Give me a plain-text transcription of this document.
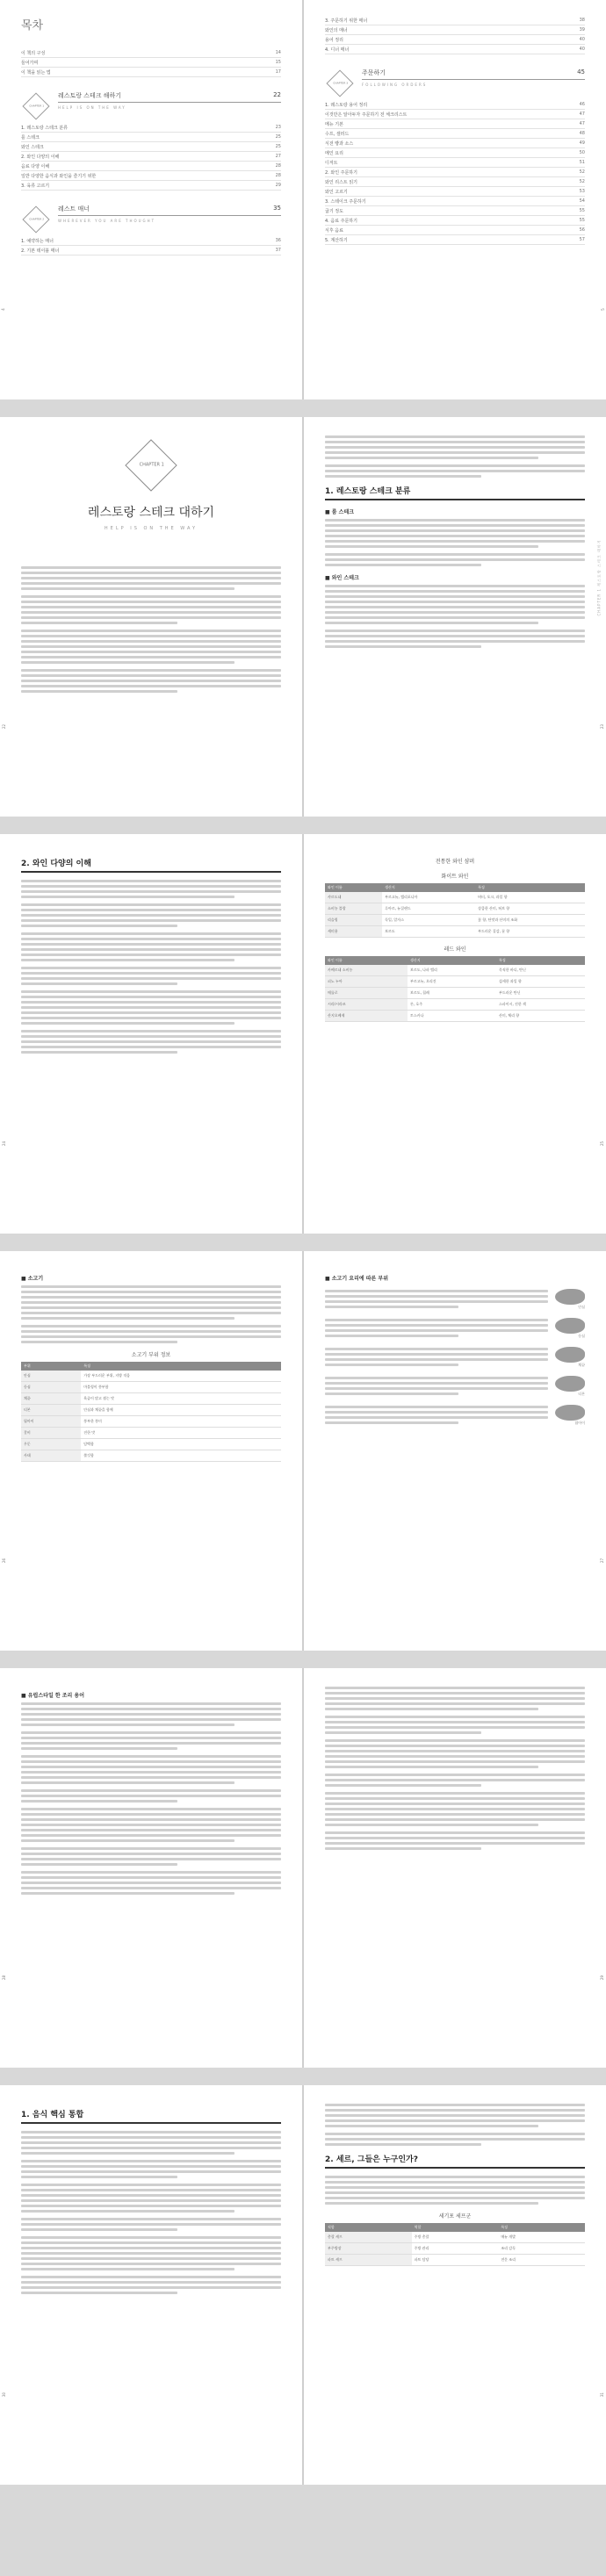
4
목차
이 책의 구성	14
들어가며	15
이 책을 읽는 법	17
CHAPTER 1
레스토랑 스테크 해하기	22
HELP IS ON THE WAY
1. 레스토랑 스테크 분류	23
를 스테크	25
와인 스테크	25
2. 와인 다양의 이해	27
음료 다양 이해	28
일반 다양한 음식과 와인을 즐기기 위한	28
3. 육류 고르기	29
CHAPTER 2
레스트 매너	35
WHEREVER YOU ARE THOUGHT
1. 예약하는 매너	36
2. 기본 테이블 매너	37
5
3. 주문하기 위한 매너	38
와인의 매너	39
용어 정리	40
4. 디너 매너	40
CHAPTER 3
주문하기	45
FOLLOWING ORDERS
1. 레스토랑 용어 정리	46
이것만은 알아두자 주문하기 전 체크리스트	47
메뉴 기본	47
수프, 샐러드	48
식전 빵과 소스	49
메인 요리	50
디저트	51
2. 와인 주문하기	52
와인 리스트 읽기	52
와인 고르기	53
3. 스테이크 주문하기	54
굽기 정도	55
4. 음료 주문하기	55
식후 음료	56
5. 계산하기	57
22
CHAPTER 1
레스토랑 스테크 대하기
HELP IS ON THE WAY
CHAPTER 1 레스토랑 스테크 대하기
23
1. 레스토랑 스테크 분류
■ 룸 스테크
■ 와인 스테크
24
2. 와인 다양의 이해
25
전통한 와인 샴퍼
화이트 와인
와인 이름	생산지	특징
샤르도네	부르고뉴, 캘리포니아	버터, 오크, 과일 향
소비뇽 블랑	루아르, 뉴질랜드	상큼한 산미, 허브 향
리슬링	독일, 알자스	꽃 향, 단맛과 산미의 조화
세미용	보르도	부드러운 질감, 꿀 향
레드 와인
와인 이름	생산지	특징
카베르네 소비뇽	보르도, 나파 밸리	묵직한 바디, 탄닌
피노 누아	부르고뉴, 오리건	섬세한 과일 향
메를로	보르도, 칠레	부드러운 탄닌
시라/시라즈	론, 호주	스파이시, 진한 색
산지오베제	토스카나	산미, 체리 향
26
■ 소고기
소고기 부위 정보
부위	특징
안심	가장 부드러운 부위, 지방 적음
등심	마블링이 풍부함
채끝	육즙이 많고 씹는 맛
티본	안심과 채끝을 함께
립아이	풍부한 풍미
갈비	진한 맛
우둔	담백함
사태	쫄깃함
27
■ 소고기 요리에 따른 부위
안심
등심
채끝
티본
립아이
28
■ 유럽스타일 한 조리 용어
29
30
1. 음식 핵심 통합
31
2. 세르, 그들은 누구인가?
세기포 세프군
직함	역할	특징
총괄 셰프	주방 총괄	메뉴 개발
부주방장	주방 관리	조리 감독
파트 셰프	파트 담당	전문 조리
